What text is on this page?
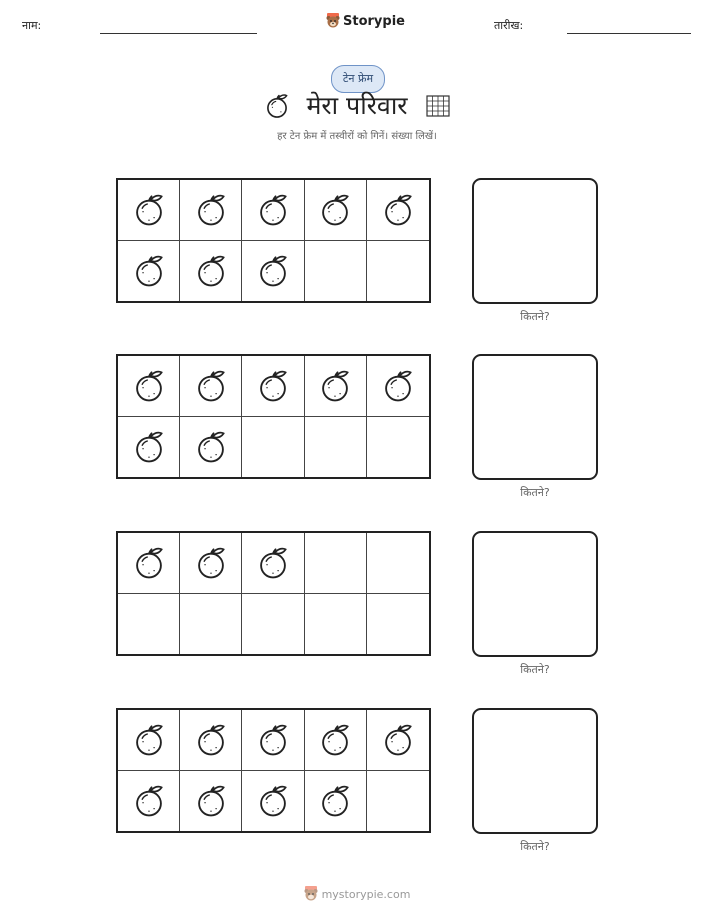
नाम:	Storypie	तारीख:
टेन फ्रेम
मेरा परिवार
हर टेन फ्रेम में तस्वीरों को गिनें। संख्या लिखें।
कितने?
कितने?
कितने?
कितने?
mystorypie.com
